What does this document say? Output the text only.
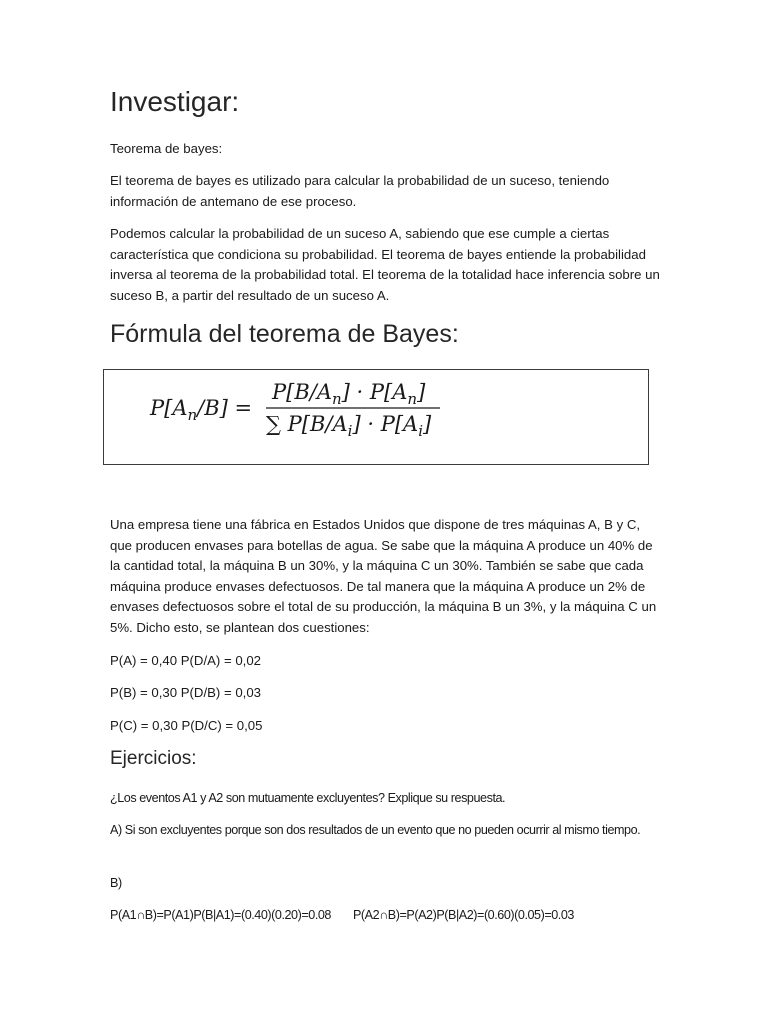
Investigar:

Teorema de bayes:

El teorema de bayes es utilizado para calcular la probabilidad de un suceso, teniendo información de antemano de ese proceso.

Podemos calcular la probabilidad de un suceso A, sabiendo que ese cumple a ciertas característica que condiciona su probabilidad. El teorema de bayes entiende la probabilidad inversa al teorema de la probabilidad total. El teorema de la totalidad hace inferencia sobre un suceso B, a partir del resultado de un suceso A.

Fórmula del teorema de Bayes:
$P[A_n/B]$ =
$P[B/A_n] \cdot P[A_n]$
∑ $P[B/A_i] \cdot P[A_i]$

Una empresa tiene una fábrica en Estados Unidos que dispone de tres máquinas A, B y C, que producen envases para botellas de agua. Se sabe que la máquina A produce un 40% de la cantidad total, la máquina B un 30%, y la máquina C un 30%. También se sabe que cada máquina produce envases defectuosos. De tal manera que la máquina A produce un 2% de envases defectuosos sobre el total de su producción, la máquina B un 3%, y la máquina C un 5%. Dicho esto, se plantean dos cuestiones:

P(A) = 0,40 P(D/A) = 0,02

P(B) = 0,30 P(D/B) = 0,03

P(C) = 0,30 P(D/C) = 0,05

Ejercicios:

¿Los eventos A1 y A2 son mutuamente excluyentes? Explique su respuesta.

A) Si son excluyentes porque son dos resultados de un evento que no pueden ocurrir al mismo tiempo.

B)

P(A1∩B)=P(A1)P(B|A1)=(0.40)(0.20)=0.08 P(A2∩B)=P(A2)P(B|A2)=(0.60)(0.05)=0.03
